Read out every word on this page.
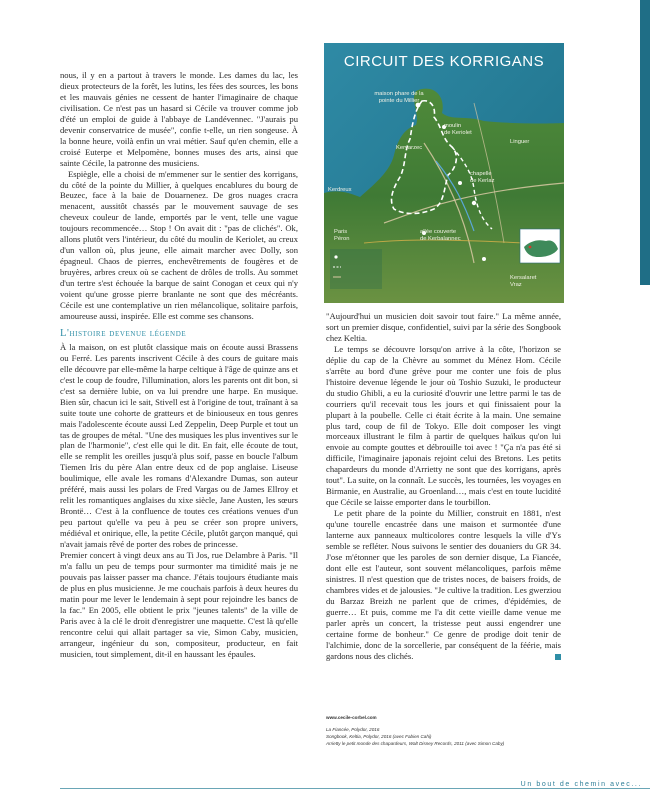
nous, il y en a partout à travers le monde. Les dames du lac, les dieux protecteurs de la forêt, les lutins, les fées des sources, les bons et les mauvais génies ne cessent de hanter l'imaginaire de chaque civilisation. Ce n'est pas un hasard si Cécile va trouver comme job d'été un emploi de guide à l'abbaye de Landévennec. "J'aurais pu devenir conservatrice de musée", confie t-elle, un rien songeuse. À la bonne heure, voilà enfin un vrai métier. Sauf qu'en chemin, elle a croisé Euterpe et Melpomène, bonnes muses des arts, ainsi que sainte Cécile, la patronne des musiciens.

Espiègle, elle a choisi de m'emmener sur le sentier des korrigans, du côté de la pointe du Millier, à quelques encablures du bourg de Beuzec, face à la baie de Douarnenez. De gros nuages cracra menacent, aussitôt chassés par le mouvement sauvage de ses cheveux couleur de lande, emportés par le vent, telle une vague toujours recommencée… Stop ! On avait dit : "pas de clichés". Ok, allons plutôt vers l'intérieur, du côté du moulin de Keriolet, au creux d'un vallon où, plus jeune, elle aimait marcher avec Dolly, son épagneul. Chaos de pierres, enchevêtrements de fougères et de bruyères, arbres creux où se cachent de drôles de trolls. Au sommet d'un tertre s'est échouée la barque de saint Conogan et ceux qui n'y voient qu'une grosse pierre branlante ne sont que des mécréants. Cécile est une contemplative un rien mélancolique, solitaire parfois, amoureuse aussi, inspirée. Elle est comme ses chansons.

L'histoire devenue légende

À la maison, on est plutôt classique mais on écoute aussi Brassens ou Ferré. Les parents inscrivent Cécile à des cours de guitare mais elle découvre par elle-même la harpe celtique à l'âge de quinze ans et c'est le coup de foudre, l'illumination, alors les parents ont dit bon, si c'est sa dernière lubie, on va lui prendre une harpe. En musique. Bien sûr, chacun ici le sait, Stivell est à l'origine de tout, traînant à sa suite toute une cohorte de gratteurs et de biniouseux en tous genres mais l'adolescente écoute aussi Led Zeppelin, Deep Purple et tout un tas de groupes de métal. "Une des musiques les plus inventives sur le plan de l'harmonie", c'est elle qui le dit. En fait, elle écoute de tout, elle se remplit les oreilles jusqu'à plus soif, passe en boucle l'album Tiemen Iris du père Alan entre deux cd de pop anglaise. Liseuse boulimique, elle avale les romans d'Alexandre Dumas, son auteur préféré, mais aussi les polars de Fred Vargas ou de James Ellroy et relit les romantiques anglaises du xixe siècle, Jane Austen, les sœurs Brontë… C'est à la confluence de toutes ces créations venues d'un peu partout qu'elle va peu à peu se créer son propre univers, médiéval et onirique, elle, la petite Cécile, plutôt garçon manqué, qui n'avait jamais rêvé de porter des robes de princesse.

Premier concert à vingt deux ans au Ti Jos, rue Delambre à Paris. "Il m'a fallu un peu de temps pour surmonter ma timidité mais je ne pouvais pas laisser passer ma chance. J'étais toujours étudiante mais de plus en plus musicienne. Je me couchais parfois à deux heures du matin pour me lever le lendemain à sept pour rejoindre les bancs de la fac." En 2005, elle obtient le prix "jeunes talents" de la ville de Paris avec à la clé le droit d'enregistrer une maquette. C'est là qu'elle rencontre celui qui allait partager sa vie, Simon Caby, musicien, arrangeur, ingénieur du son, compositeur, producteur, en fait musicien, tout simplement, dit-il en haussant les épaules.

CIRCUIT DES KORRIGANS
maison phare de la
pointe du Millier
moulin
de Keriolet
Kervarzec
Linguer
chapelle
de Kerlaz
Kerdreux
Paris
Péron
allée couverte
de Kerbalannec
Kersalaret
Vraz

"Aujourd'hui un musicien doit savoir tout faire." La même année, sort un premier disque, confidentiel, suivi par la série des Songbook chez Keltia.

Le temps se découvre lorsqu'on arrive à la côte, l'horizon se déplie du cap de la Chèvre au sommet du Ménez Hom. Cécile s'arrête au bord d'une grève pour me conter une fois de plus l'histoire devenue légende le jour où Toshio Suzuki, le producteur du studio Ghibli, a eu la curiosité d'ouvrir une lettre parmi le tas de courriers qu'il recevait tous les jours et qui finissaient pour la plupart à la poubelle. Celle ci était écrite à la main. Une semaine plus tard, coup de fil de Tokyo. Elle doit composer les vingt morceaux illustrant le film à partir de quelques haïkus qu'on lui envoie au compte gouttes et débrouille toi avec ! "Ça n'a pas été si difficile, l'imaginaire japonais rejoint celui des Bretons. Les petits chapardeurs du monde d'Arrietty ne sont que des korrigans, après tout". La suite, on la connaît. Le succès, les tournées, les voyages en Birmanie, en Australie, au Groenland…, mais c'est en toute lucidité que Cécile se laisse emporter dans le tourbillon.

Le petit phare de la pointe du Millier, construit en 1881, n'est qu'une tourelle encastrée dans une maison et surmontée d'une lanterne aux panneaux multicolores contre lesquels la ville d'Ys semble se refléter. Nous suivons le sentier des douaniers du GR 34. J'ose m'étonner que les paroles de son dernier disque, La Fiancée, dont elle est l'auteur, sont souvent mélancoliques, parfois même sinistres. Il n'est question que de tristes noces, de baisers froids, de chambres vides et de jalousies. "Je cultive la tradition. Les gwerziou du Barzaz Breizh ne parlent que de crimes, d'épidémies, de guerre… Et puis, comme me l'a dit cette vieille dame venue me parler après un concert, la tristesse peut aussi engendrer une certaine forme de bonheur." Ce genre de prodige doit tenir de l'alchimie, donc de la sorcellerie, par conséquent de la féérie, mais gardons nous des clichés.

www.cecile-corbel.com
La Fiancée, Polydor, 2016
Songbook, Keltia, Polydor, 2016 (avec Fabien Cahi)
Arrietty le petit monde des chapardeurs, Walt Disney Records, 2011 (avec Simon Caby)
Un bout de chemin avec...
